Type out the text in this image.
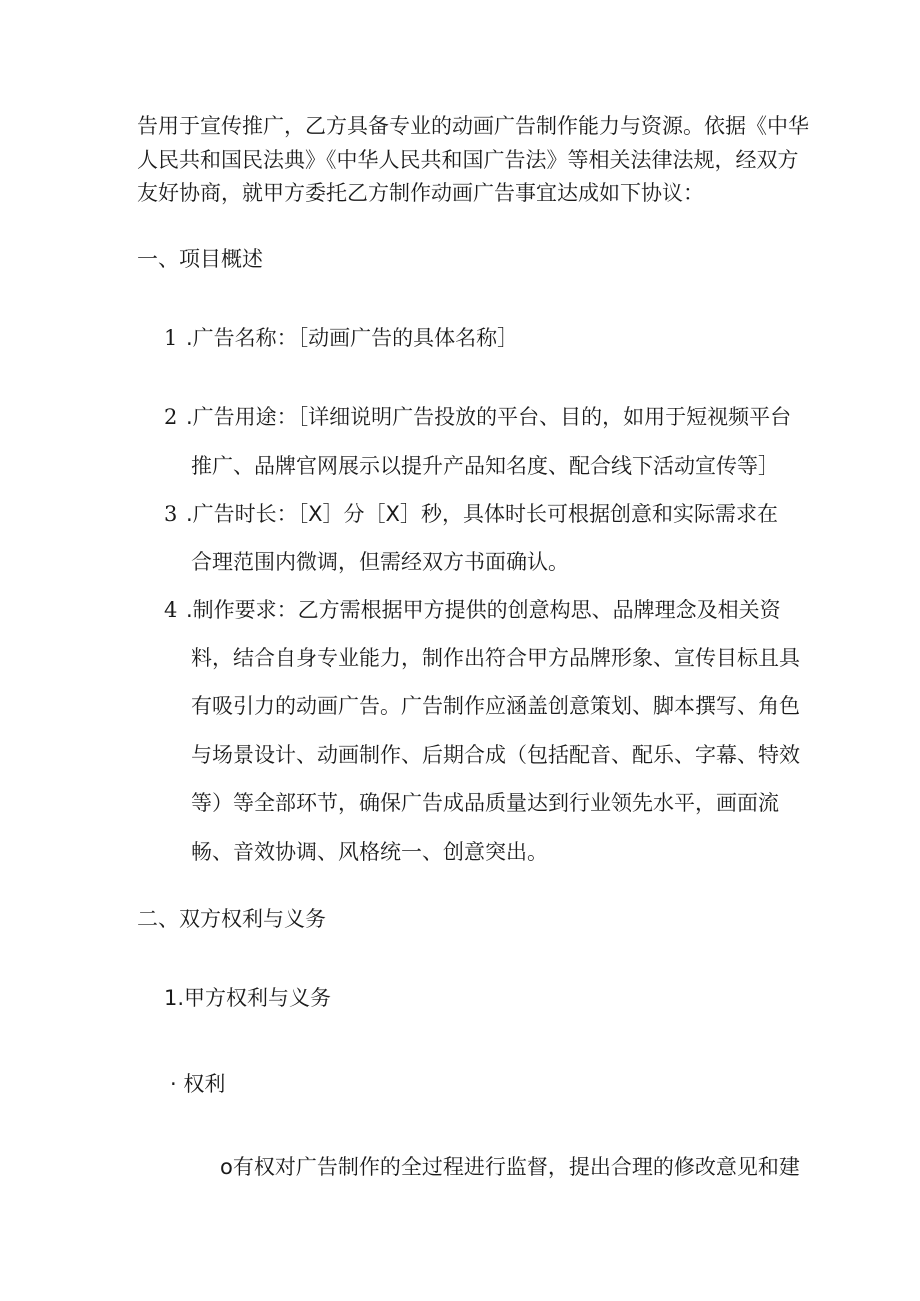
告用于宣传推广，乙方具备专业的动画广告制作能力与资源。依据《中华
人民共和国民法典》《中华人民共和国广告法》等相关法律法规，经双方
友好协商，就甲方委托乙方制作动画广告事宜达成如下协议：
一、项目概述
1 .广告名称：［动画广告的具体名称］
2 .广告用途：［详细说明广告投放的平台、目的，如用于短视频平台
推广、品牌官网展示以提升产品知名度、配合线下活动宣传等］
3 .广告时长：［X］分［X］秒，具体时长可根据创意和实际需求在
合理范围内微调，但需经双方书面确认。
4 .制作要求：乙方需根据甲方提供的创意构思、品牌理念及相关资
料，结合自身专业能力，制作出符合甲方品牌形象、宣传目标且具
有吸引力的动画广告。广告制作应涵盖创意策划、脚本撰写、角色
与场景设计、动画制作、后期合成（包括配音、配乐、字幕、特效
等）等全部环节，确保广告成品质量达到行业领先水平，画面流
畅、音效协调、风格统一、创意突出。
二、双方权利与义务
1.甲方权利与义务
· 权利
o有权对广告制作的全过程进行监督，提出合理的修改意见和建
